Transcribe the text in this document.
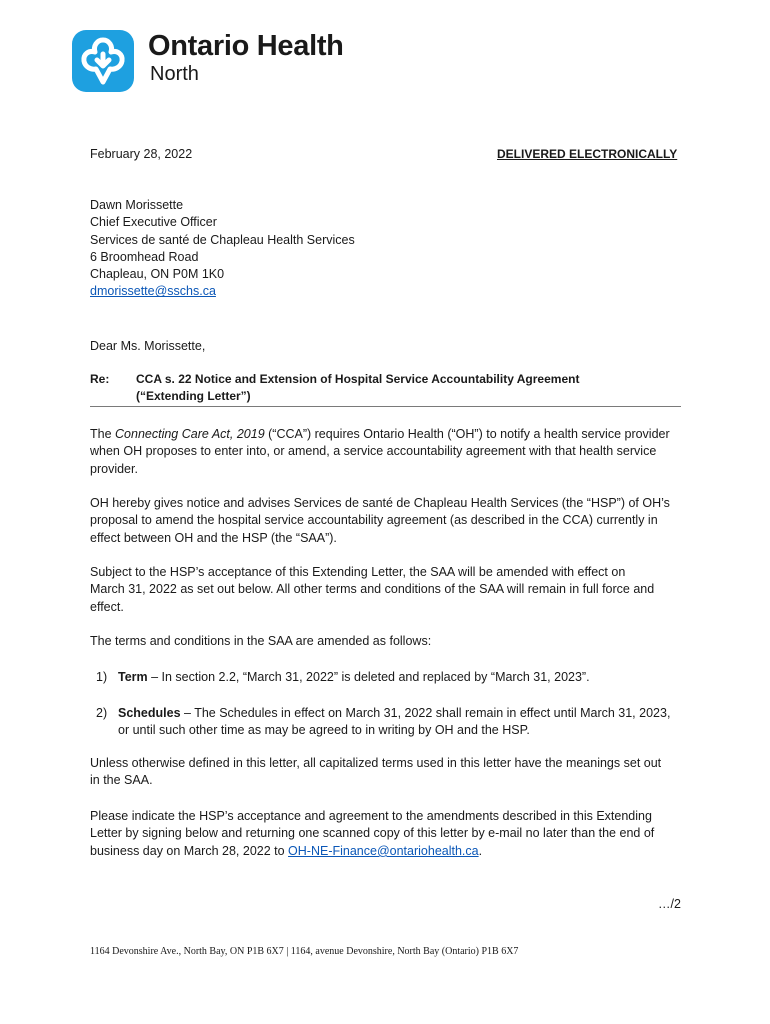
Ontario Health
North
February 28, 2022	DELIVERED ELECTRONICALLY
Dawn Morissette
Chief Executive Officer
Services de santé de Chapleau Health Services
6 Broomhead Road
Chapleau, ON P0M 1K0
dmorissette@sschs.ca
Dear Ms. Morissette,
Re: CCA s. 22 Notice and Extension of Hospital Service Accountability Agreement
(“Extending Letter”)
The Connecting Care Act, 2019 (“CCA”) requires Ontario Health (“OH”) to notify a health service provider
when OH proposes to enter into, or amend, a service accountability agreement with that health service
provider.
OH hereby gives notice and advises Services de santé de Chapleau Health Services (the “HSP”) of OH’s
proposal to amend the hospital service accountability agreement (as described in the CCA) currently in
effect between OH and the HSP (the “SAA”).
Subject to the HSP’s acceptance of this Extending Letter, the SAA will be amended with effect on
March 31, 2022 as set out below. All other terms and conditions of the SAA will remain in full force and
effect.
The terms and conditions in the SAA are amended as follows:
1) Term – In section 2.2, “March 31, 2022” is deleted and replaced by “March 31, 2023”.
2) Schedules – The Schedules in effect on March 31, 2022 shall remain in effect until March 31, 2023,
or until such other time as may be agreed to in writing by OH and the HSP.
Unless otherwise defined in this letter, all capitalized terms used in this letter have the meanings set out
in the SAA.
Please indicate the HSP’s acceptance and agreement to the amendments described in this Extending
Letter by signing below and returning one scanned copy of this letter by e-mail no later than the end of
business day on March 28, 2022 to OH-NE-Finance@ontariohealth.ca.
…/2
1164 Devonshire Ave., North Bay, ON P1B 6X7 | 1164, avenue Devonshire, North Bay (Ontario) P1B 6X7
